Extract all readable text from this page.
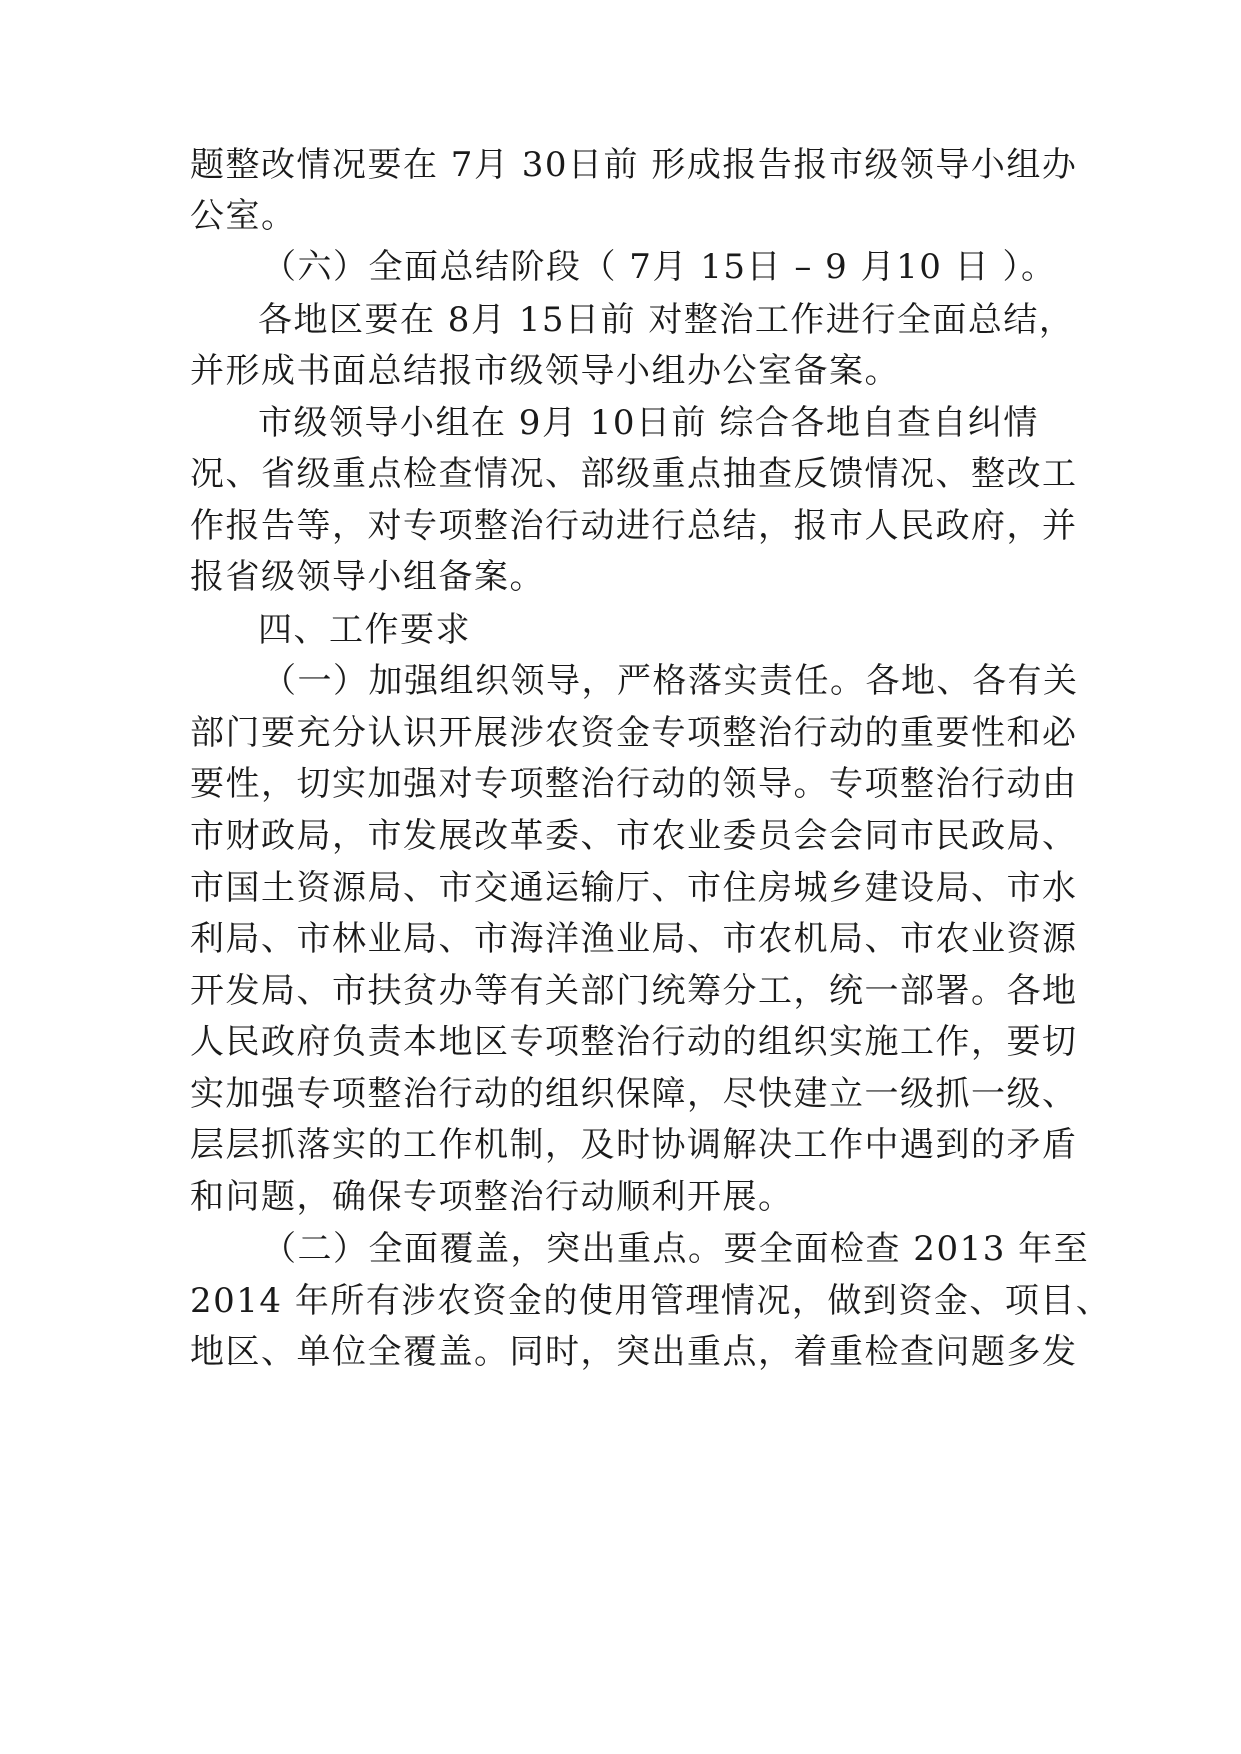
题整改情况要在 7月 30日前 形成报告报市级领导小组办
公室。
（六）全面总结阶段（ 7月 15日 – 9 月10 日 ）。
各地区要在 8月 15日前 对整治工作进行全面总结，
并形成书面总结报市级领导小组办公室备案。
市级领导小组在 9月 10日前 综合各地自查自纠情
况、省级重点检查情况、部级重点抽查反馈情况、整改工
作报告等，对专项整治行动进行总结，报市人民政府，并
报省级领导小组备案。
四、工作要求
（一）加强组织领导，严格落实责任。各地、各有关
部门要充分认识开展涉农资金专项整治行动的重要性和必
要性，切实加强对专项整治行动的领导。专项整治行动由
市财政局，市发展改革委、市农业委员会会同市民政局、
市国土资源局、市交通运输厅、市住房城乡建设局、市水
利局、市林业局、市海洋渔业局、市农机局、市农业资源
开发局、市扶贫办等有关部门统筹分工，统一部署。各地
人民政府负责本地区专项整治行动的组织实施工作，要切
实加强专项整治行动的组织保障，尽快建立一级抓一级、
层层抓落实的工作机制，及时协调解决工作中遇到的矛盾
和问题，确保专项整治行动顺利开展。
（二）全面覆盖，突出重点。要全面检查 2013 年至
2014 年所有涉农资金的使用管理情况，做到资金、项目、
地区、单位全覆盖。同时，突出重点，着重检查问题多发
